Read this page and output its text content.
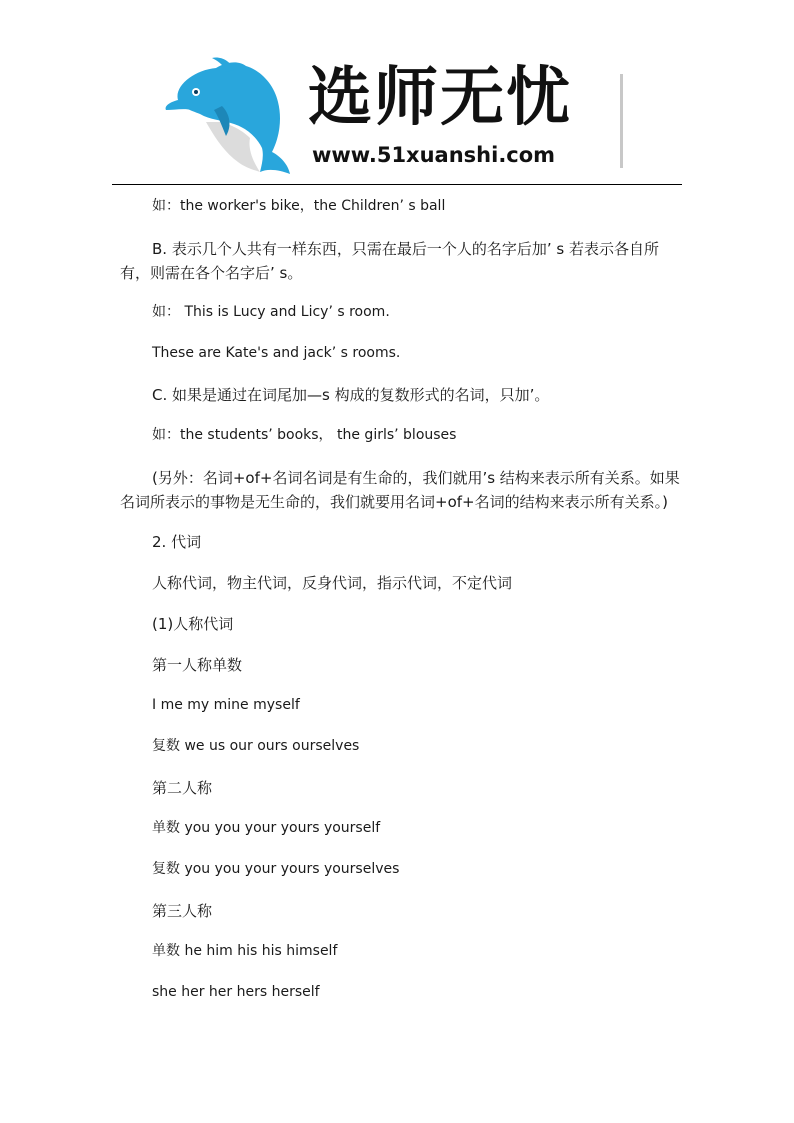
选师无忧
www.51xuanshi.com

如：the worker's bike，the Children’ s ball

B. 表示几个人共有一样东西，只需在最后一个人的名字后加’ s 若表示各自所有，则需在各个名字后’ s。

如： This is Lucy and Licy’ s room.

These are Kate's and jack’ s rooms.

C. 如果是通过在词尾加—s 构成的复数形式的名词，只加’。

如：the students’ books， the girls’ blouses

(另外：名词+of+名词名词是有生命的，我们就用’s 结构来表示所有关系。如果名词所表示的事物是无生命的，我们就要用名词+of+名词的结构来表示所有关系。)

2. 代词

人称代词，物主代词，反身代词，指示代词，不定代词

(1)人称代词

第一人称单数

I me my mine myself

复数 we us our ours ourselves

第二人称

单数 you you your yours yourself

复数 you you your yours yourselves

第三人称

单数 he him his his himself

she her her hers herself
